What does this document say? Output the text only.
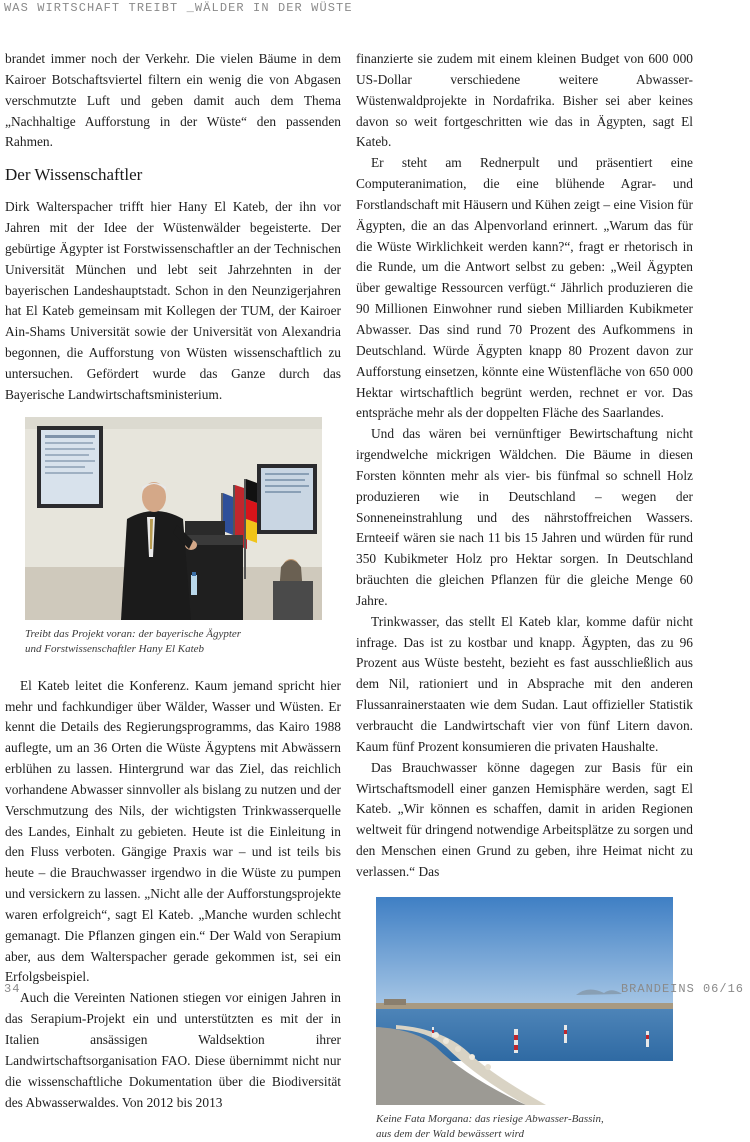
WAS WIRTSCHAFT TREIBT _WÄLDER IN DER WÜSTE

brandet immer noch der Verkehr. Die vielen Bäume in dem Kairoer Botschaftsviertel filtern ein wenig die von Abgasen verschmutzte Luft und geben damit auch dem Thema „Nachhaltige Aufforstung in der Wüste“ den passenden Rahmen.

Der Wissenschaftler

Dirk Walterspacher trifft hier Hany El Kateb, der ihn vor Jahren mit der Idee der Wüstenwälder begeisterte. Der gebürtige Ägypter ist Forstwissenschaftler an der Technischen Universität München und lebt seit Jahrzehnten in der bayerischen Landeshauptstadt. Schon in den Neunzigerjahren hat El Kateb gemeinsam mit Kollegen der TUM, der Kairoer Ain-Shams Universität sowie der Universität von Alexandria begonnen, die Aufforstung von Wüsten wissenschaftlich zu untersuchen. Gefördert wurde das Ganze durch das Bayerische Landwirtschaftsministerium.

Treibt das Projekt voran: der bayerische Ägypter
und Forstwissenschaftler Hany El Kateb

El Kateb leitet die Konferenz. Kaum jemand spricht hier mehr und fachkundiger über Wälder, Wasser und Wüsten. Er kennt die Details des Regierungsprogramms, das Kairo 1988 auflegte, um an 36 Orten die Wüste Ägyptens mit Abwässern erblühen zu lassen. Hintergrund war das Ziel, das reichlich vorhandene Abwasser sinnvoller als bislang zu nutzen und der Verschmutzung des Nils, der wichtigsten Trinkwasserquelle des Landes, Einhalt zu gebieten. Heute ist die Einleitung in den Fluss verboten. Gängige Praxis war – und ist teils bis heute – die Brauchwasser irgendwo in die Wüste zu pumpen und versickern zu lassen. „Nicht alle der Aufforstungsprojekte waren erfolgreich“, sagt El Kateb. „Manche wurden schlecht gemanagt. Die Pflanzen gingen ein.“ Der Wald von Serapium aber, aus dem Walterspacher gerade gekommen ist, sei ein Erfolgsbeispiel.

Auch die Vereinten Nationen stiegen vor einigen Jahren in das Serapium-Projekt ein und unterstützten es mit der in Italien ansässigen Waldsektion ihrer Landwirtschaftsorganisation FAO. Diese übernimmt nicht nur die wissenschaftliche Dokumentation über die Biodiversität des Abwasserwaldes. Von 2012 bis 2013

finanzierte sie zudem mit einem kleinen Budget von 600 000 US-Dollar verschiedene weitere Abwasser-Wüstenwaldprojekte in Nordafrika. Bisher sei aber keines davon so weit fortgeschritten wie das in Ägypten, sagt El Kateb.

Er steht am Rednerpult und präsentiert eine Computeranimation, die eine blühende Agrar- und Forstlandschaft mit Häusern und Kühen zeigt – eine Vision für Ägypten, die an das Alpenvorland erinnert. „Warum das für die Wüste Wirklichkeit werden kann?“, fragt er rhetorisch in die Runde, um die Antwort selbst zu geben: „Weil Ägypten über gewaltige Ressourcen verfügt.“ Jährlich produzieren die 90 Millionen Einwohner rund sieben Milliarden Kubikmeter Abwasser. Das sind rund 70 Prozent des Aufkommens in Deutschland. Würde Ägypten knapp 80 Prozent davon zur Aufforstung einsetzen, könnte eine Wüstenfläche von 650 000 Hektar wirtschaftlich begrünt werden, rechnet er vor. Das entspräche mehr als der doppelten Fläche des Saarlandes.

Und das wären bei vernünftiger Bewirtschaftung nicht irgendwelche mickrigen Wäldchen. Die Bäume in diesen Forsten könnten mehr als vier- bis fünfmal so schnell Holz produzieren wie in Deutschland – wegen der Sonneneinstrahlung und des nährstoffreichen Wassers. Ernteeif wären sie nach 11 bis 15 Jahren und würden für rund 350 Kubikmeter Holz pro Hektar sorgen. In Deutschland bräuchten die gleichen Pflanzen für die gleiche Menge 60 Jahre.

Trinkwasser, das stellt El Kateb klar, komme dafür nicht infrage. Das ist zu kostbar und knapp. Ägypten, das zu 96 Prozent aus Wüste besteht, bezieht es fast ausschließlich aus dem Nil, rationiert und in Absprache mit den anderen Flussanrainerstaaten wie dem Sudan. Laut offizieller Statistik verbraucht die Landwirtschaft vier von fünf Litern davon. Kaum fünf Prozent konsumieren die privaten Haushalte.

Das Brauchwasser könne dagegen zur Basis für ein Wirtschaftsmodell einer ganzen Hemisphäre werden, sagt El Kateb. „Wir können es schaffen, damit in ariden Regionen weltweit für dringend notwendige Arbeitsplätze zu sorgen und den Menschen einen Grund zu geben, ihre Heimat nicht zu verlassen.“ Das

Keine Fata Morgana: das riesige Abwasser-Bassin,
aus dem der Wald bewässert wird
34	BRANDEINS 06/16
